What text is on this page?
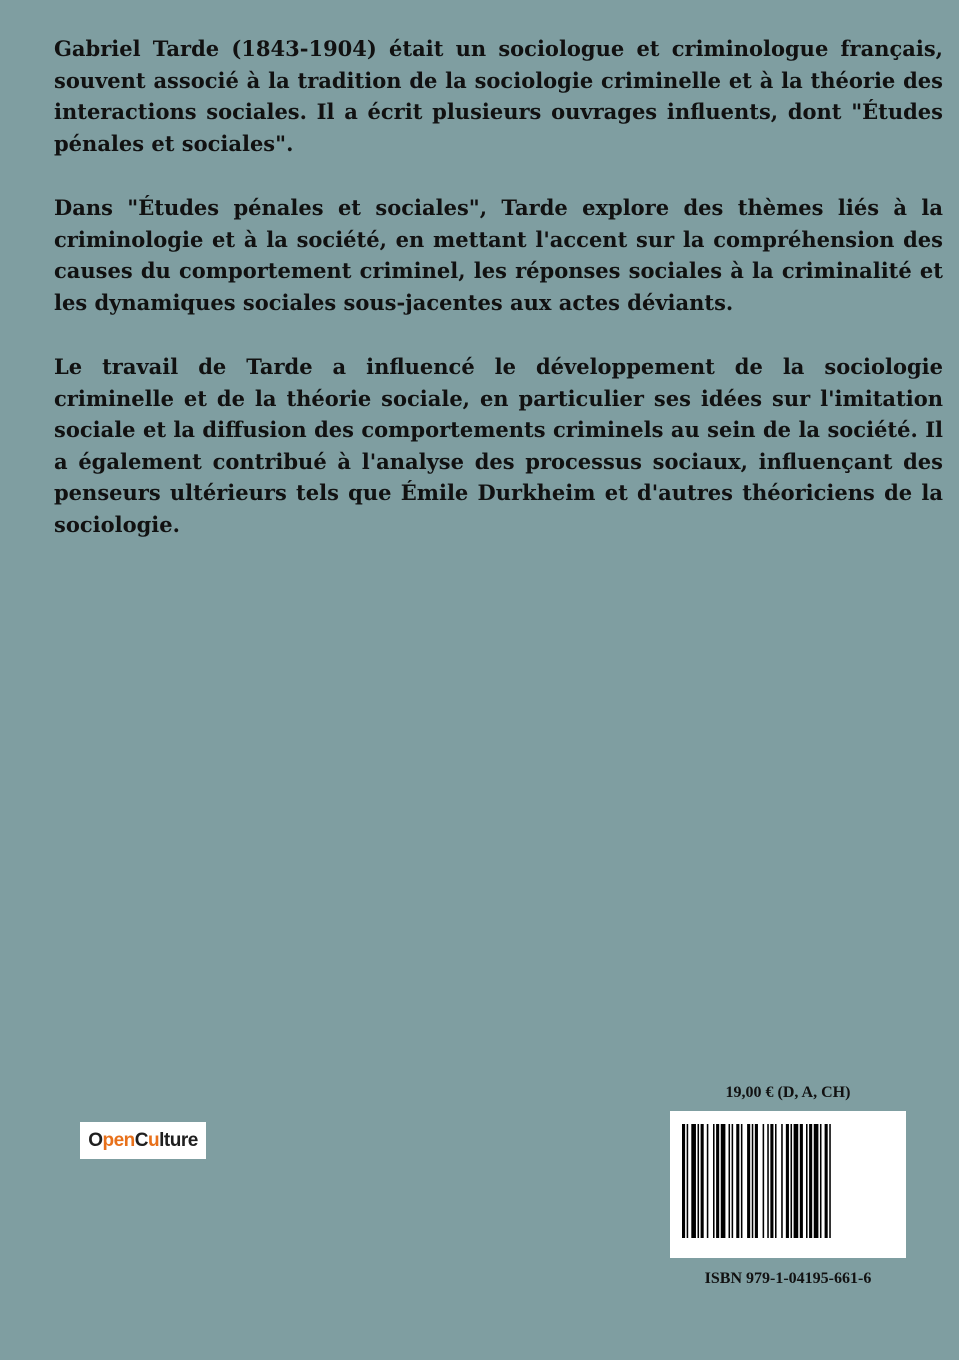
Gabriel Tarde (1843-1904) était un sociologue et criminologue français, souvent associé à la tradition de la sociologie criminelle et à la théorie des interactions sociales. Il a écrit plusieurs ouvrages influents, dont "Études pénales et sociales".

Dans "Études pénales et sociales", Tarde explore des thèmes liés à la criminologie et à la société, en mettant l'accent sur la compréhension des causes du comportement criminel, les réponses sociales à la criminalité et les dynamiques sociales sous-jacentes aux actes déviants.

Le travail de Tarde a influencé le développement de la sociologie criminelle et de la théorie sociale, en particulier ses idées sur l'imitation sociale et la diffusion des comportements criminels au sein de la société. Il a également contribué à l'analyse des processus sociaux, influençant des penseurs ultérieurs tels que Émile Durkheim et d'autres théoriciens de la sociologie.

O pen C u lture
19,00 € (D, A, CH)
ISBN 979-1-04195-661-6
